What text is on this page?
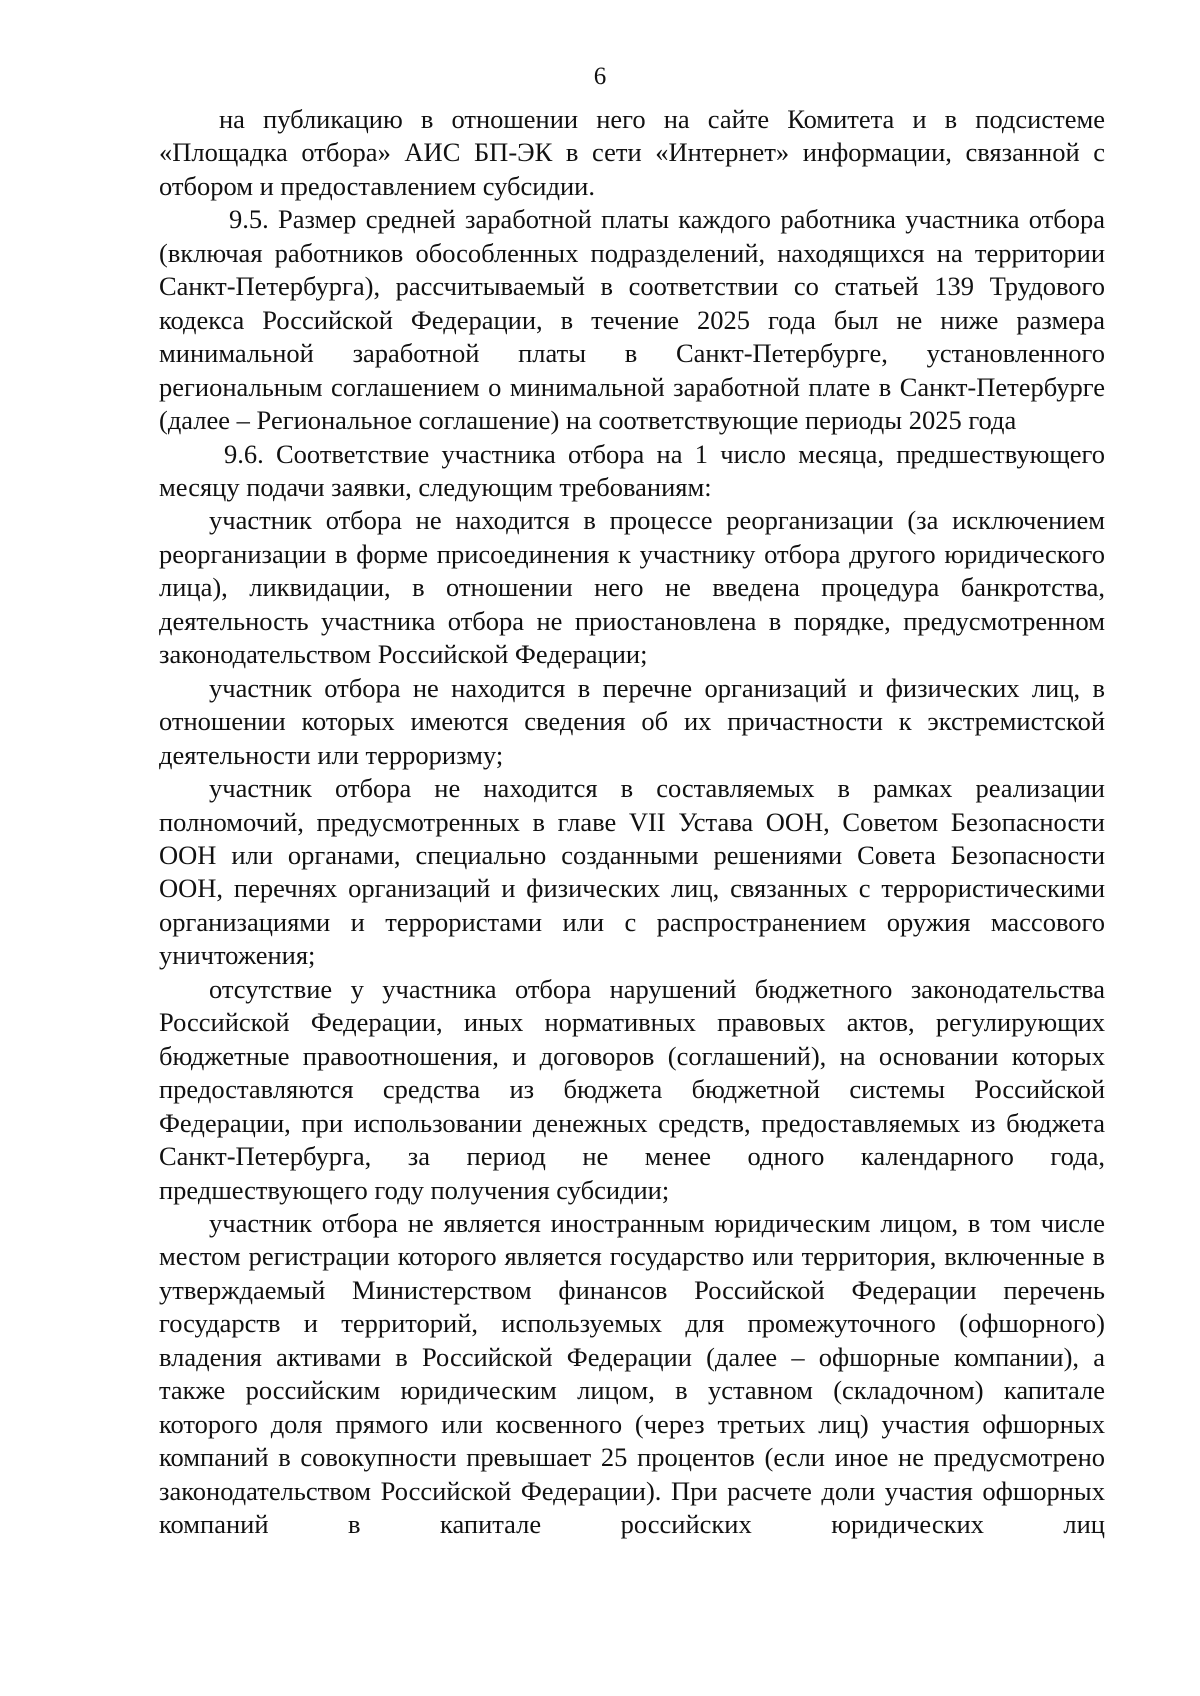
6

на публикацию в отношении него на сайте Комитета и в подсистеме «Площадка отбора» АИС БП-ЭК в сети «Интернет» информации, связанной с отбором и предоставлением субсидии.

9.5. Размер средней заработной платы каждого работника участника отбора (включая работников обособленных подразделений, находящихся на территории Санкт-Петербурга), рассчитываемый в соответствии со статьей 139 Трудового кодекса Российской Федерации, в течение 2025 года был не ниже размера минимальной заработной платы в Санкт-Петербурге, установленного региональным соглашением о минимальной заработной плате в Санкт-Петербурге (далее – Региональное соглашение) на соответствующие периоды 2025 года

9.6. Соответствие участника отбора на 1 число месяца, предшествующего месяцу подачи заявки, следующим требованиям:

участник отбора не находится в процессе реорганизации (за исключением реорганизации в форме присоединения к участнику отбора другого юридического лица), ликвидации, в отношении него не введена процедура банкротства, деятельность участника отбора не приостановлена в порядке, предусмотренном законодательством Российской Федерации;

участник отбора не находится в перечне организаций и физических лиц, в отношении которых имеются сведения об их причастности к экстремистской деятельности или терроризму;

участник отбора не находится в составляемых в рамках реализации полномочий, предусмотренных в главе VII Устава ООН, Советом Безопасности ООН или органами, специально созданными решениями Совета Безопасности ООН, перечнях организаций и физических лиц, связанных с террористическими организациями и террористами или с распространением оружия массового уничтожения;

отсутствие у участника отбора нарушений бюджетного законодательства Российской Федерации, иных нормативных правовых актов, регулирующих бюджетные правоотношения, и договоров (соглашений), на основании которых предоставляются средства из бюджета бюджетной системы Российской Федерации, при использовании денежных средств, предоставляемых из бюджета Санкт-Петербурга, за период не менее одного календарного года, предшествующего году получения субсидии;

участник отбора не является иностранным юридическим лицом, в том числе местом регистрации которого является государство или территория, включенные в утверждаемый Министерством финансов Российской Федерации перечень государств и территорий, используемых для промежуточного (офшорного) владения активами в Российской Федерации (далее – офшорные компании), а также российским юридическим лицом, в уставном (складочном) капитале которого доля прямого или косвенного (через третьих лиц) участия офшорных компаний в совокупности превышает 25 процентов (если иное не предусмотрено законодательством Российской Федерации). При расчете доли участия офшорных компаний в капитале российских юридических лиц
